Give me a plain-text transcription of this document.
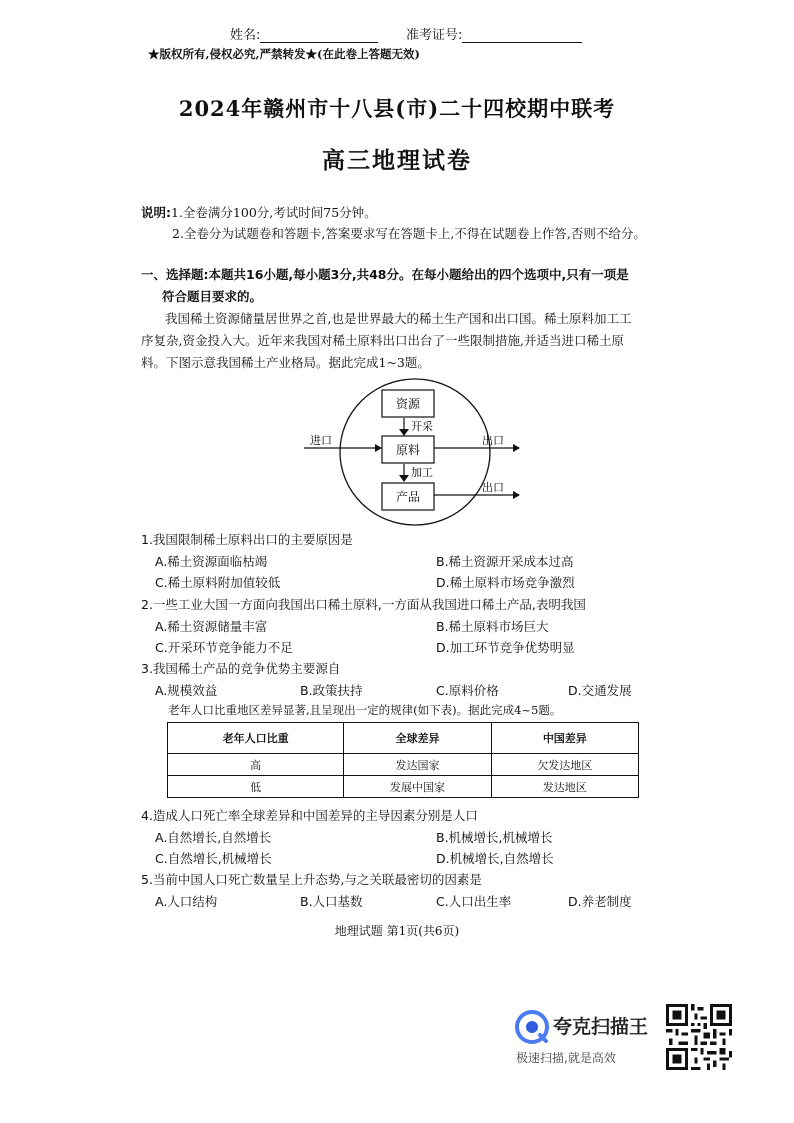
姓名:	准考证号:
★版权所有,侵权必究,严禁转发★(在此卷上答题无效)
2024年赣州市十八县(市)二十四校期中联考
高三地理试卷
说明:1.全卷满分100分,考试时间75分钟。
2.全卷分为试题卷和答题卡,答案要求写在答题卡上,不得在试题卷上作答,否则不给分。
一、选择题:本题共16小题,每小题3分,共48分。在每小题给出的四个选项中,只有一项是
符合题目要求的。
我国稀土资源储量居世界之首,也是世界最大的稀土生产国和出口国。稀土原料加工工
序复杂,资金投入大。近年来我国对稀土原料出口出台了一些限制措施,并适当进口稀土原
料。下图示意我国稀土产业格局。据此完成1~3题。
资源
原料
产品
开采
加工
进口	出口
出口
1.我国限制稀土原料出口的主要原因是
A.稀土资源面临枯竭	B.稀土资源开采成本过高
C.稀土原料附加值较低	D.稀土原料市场竞争激烈
2.一些工业大国一方面向我国出口稀土原料,一方面从我国进口稀土产品,表明我国
A.稀土资源储量丰富	B.稀土原料市场巨大
C.开采环节竞争能力不足	D.加工环节竞争优势明显
3.我国稀土产品的竞争优势主要源自
A.规模效益	B.政策扶持	C.原料价格	D.交通发展
老年人口比重地区差异显著,且呈现出一定的规律(如下表)。据此完成4~5题。
老年人口比重	全球差异	中国差异
高	发达国家	欠发达地区
低	发展中国家	发达地区
4.造成人口死亡率全球差异和中国差异的主导因素分别是人口
A.自然增长,自然增长	B.机械增长,机械增长
C.自然增长,机械增长	D.机械增长,自然增长
5.当前中国人口死亡数量呈上升态势,与之关联最密切的因素是
A.人口结构	B.人口基数	C.人口出生率	D.养老制度
地理试题 第1页(共6页)
夸克扫描王
极速扫描,就是高效
